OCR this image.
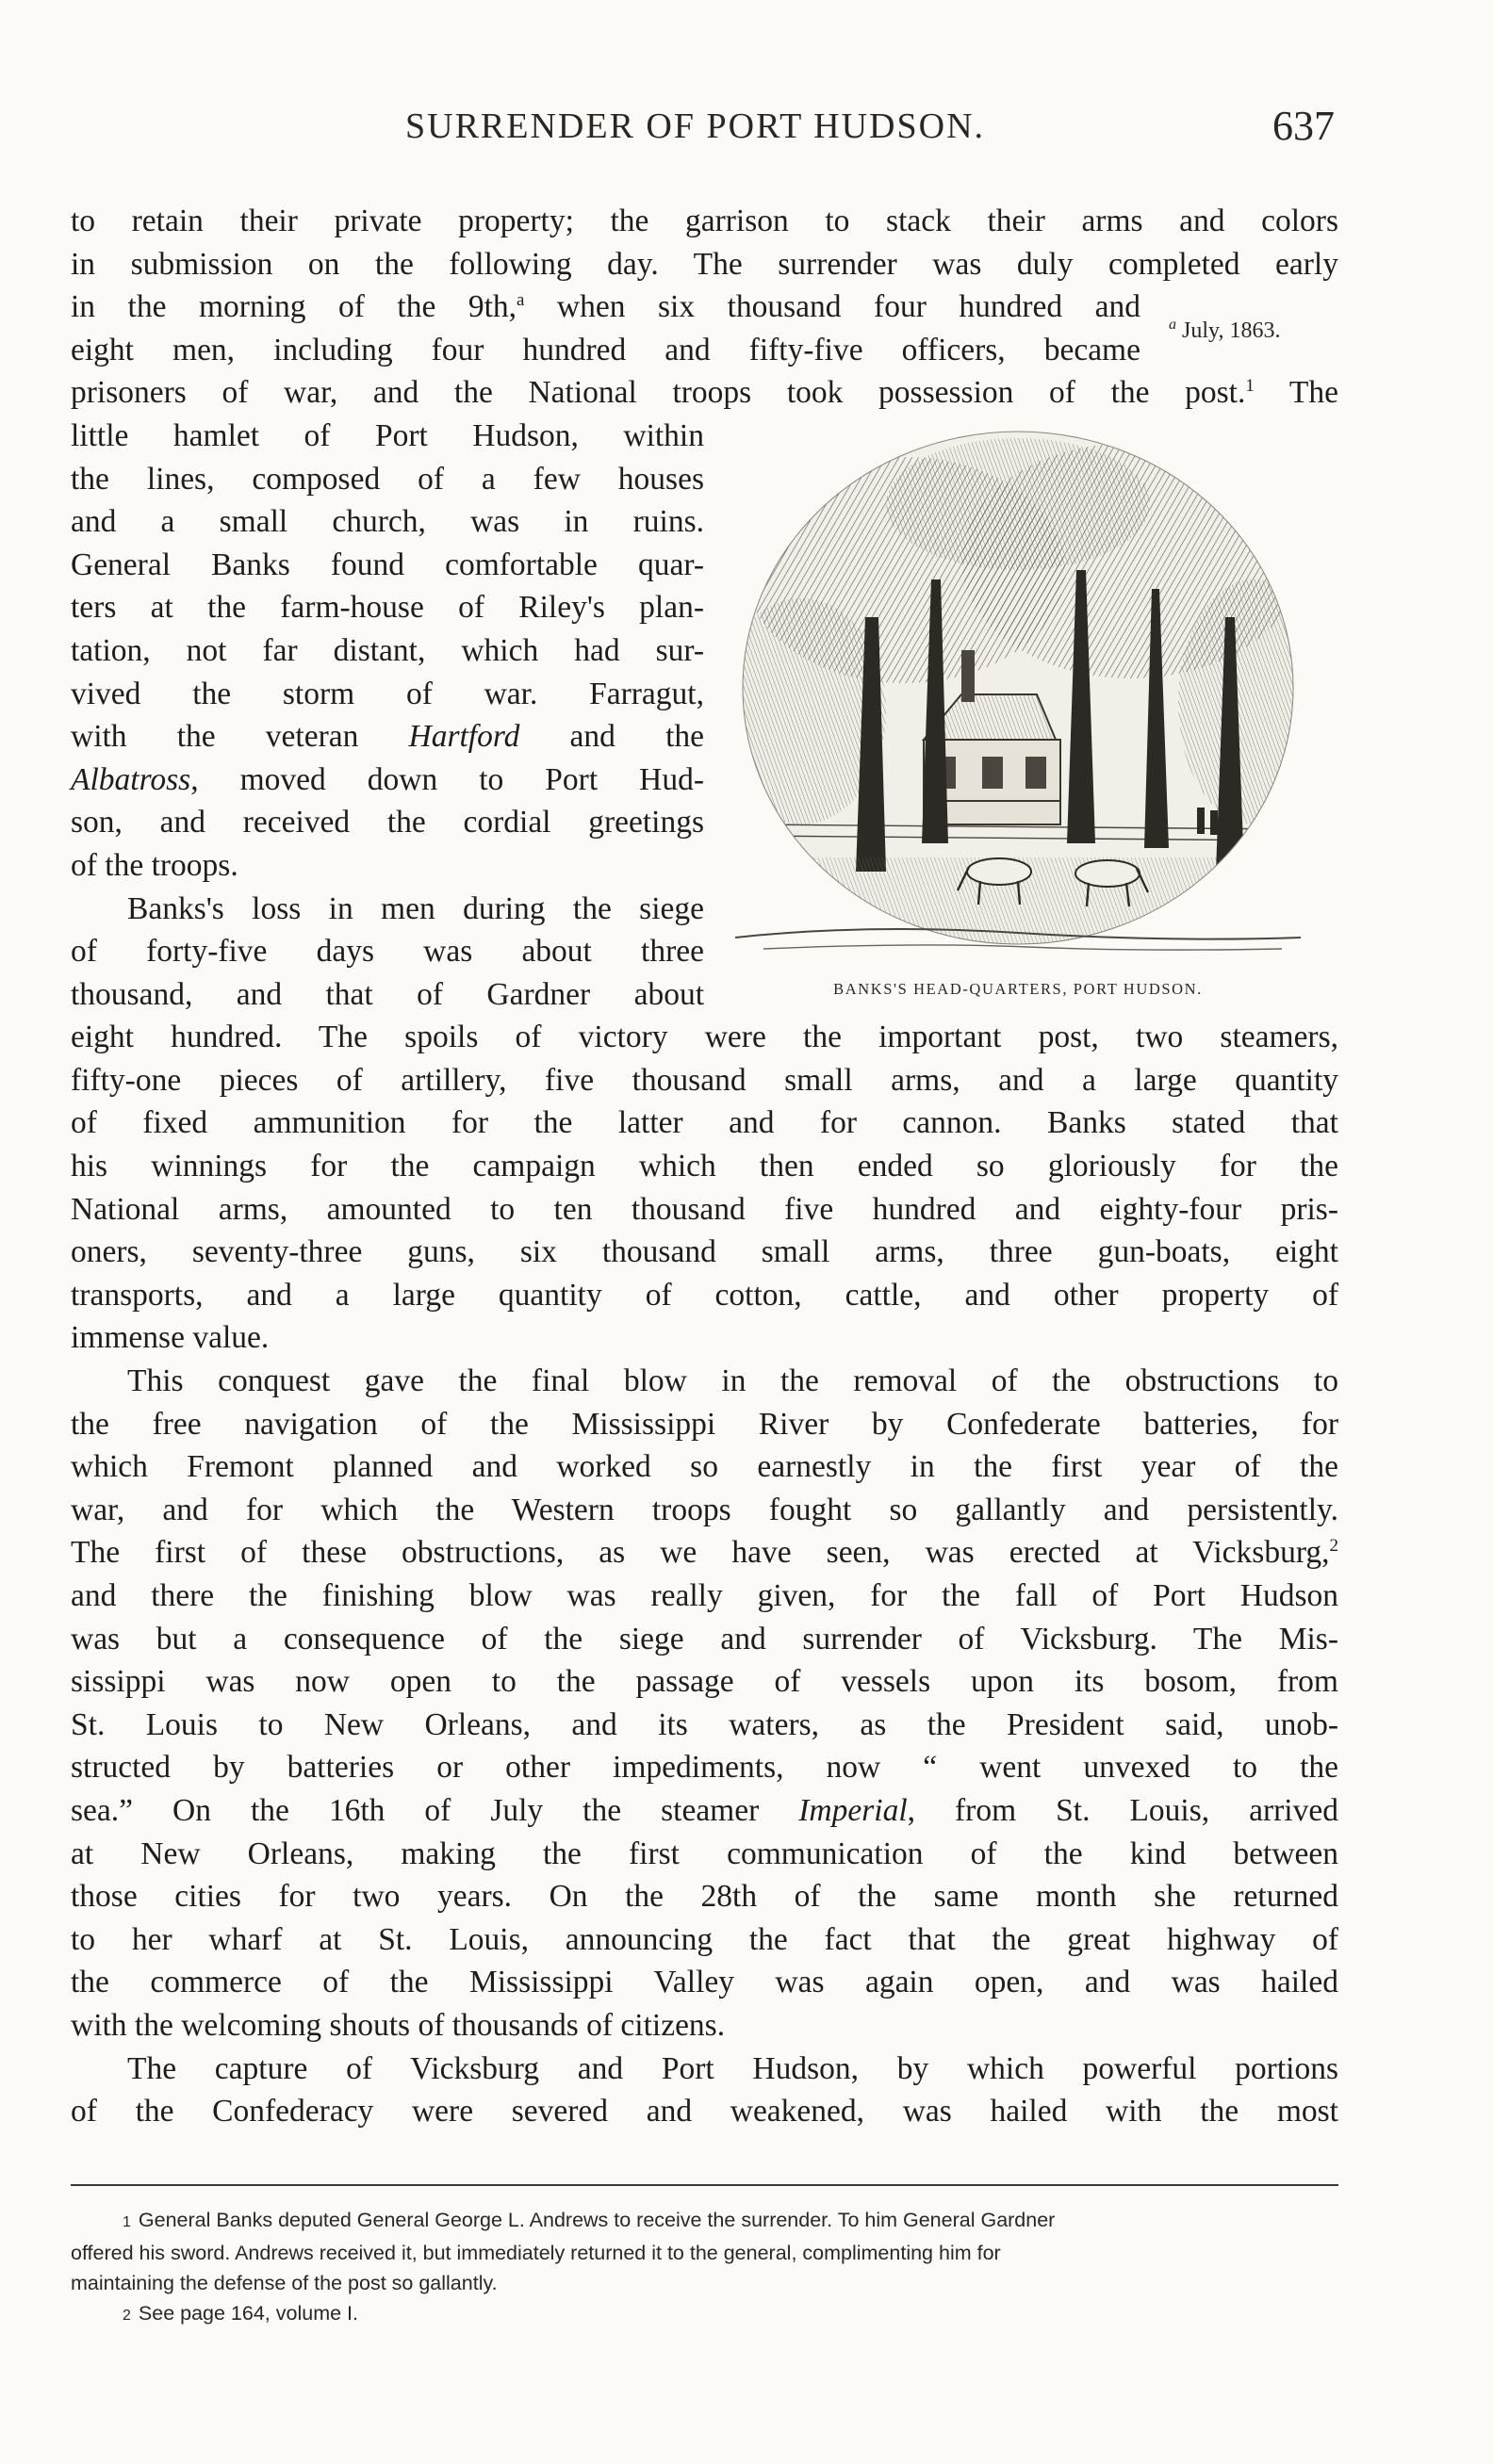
SURRENDER OF PORT HUDSON.	637
$^a$ July, 1863.
BANKS'S HEAD-QUARTERS, PORT HUDSON.

to retain their private property; the garrison to stack their arms and colors
in submission on the following day. The surrender was duly completed early
in the morning of the 9th,$^a$ when six thousand four hundred and
eight men, including four hundred and fifty-five officers, became
prisoners of war, and the National troops took possession of the post.$^1$ The
little hamlet of Port Hudson, within
the lines, composed of a few houses
and a small church, was in ruins.
General Banks found comfortable quar-
ters at the farm-house of Riley's plan-
tation, not far distant, which had sur-
vived the storm of war. Farragut,
with the veteran Hartford and the
Albatross, moved down to Port Hud-
son, and received the cordial greetings
of the troops.

Banks's loss in men during the siege
of forty-five days was about three
thousand, and that of Gardner about
eight hundred. The spoils of victory were the important post, two steamers,
fifty-one pieces of artillery, five thousand small arms, and a large quantity
of fixed ammunition for the latter and for cannon. Banks stated that
his winnings for the campaign which then ended so gloriously for the
National arms, amounted to ten thousand five hundred and eighty-four pris-
oners, seventy-three guns, six thousand small arms, three gun-boats, eight
transports, and a large quantity of cotton, cattle, and other property of
immense value.

This conquest gave the final blow in the removal of the obstructions to
the free navigation of the Mississippi River by Confederate batteries, for
which Fremont planned and worked so earnestly in the first year of the
war, and for which the Western troops fought so gallantly and persistently.
The first of these obstructions, as we have seen, was erected at Vicksburg,$^2$
and there the finishing blow was really given, for the fall of Port Hudson
was but a consequence of the siege and surrender of Vicksburg. The Mis-
sissippi was now open to the passage of vessels upon its bosom, from
St. Louis to New Orleans, and its waters, as the President said, unob-
structed by batteries or other impediments, now “ went unvexed to the
sea.” On the 16th of July the steamer Imperial, from St. Louis, arrived
at New Orleans, making the first communication of the kind between
those cities for two years. On the 28th of the same month she returned
to her wharf at St. Louis, announcing the fact that the great highway of
the commerce of the Mississippi Valley was again open, and was hailed
with the welcoming shouts of thousands of citizens.

The capture of Vicksburg and Port Hudson, by which powerful portions
of the Confederacy were severed and weakened, was hailed with the most

1 General Banks deputed General George L. Andrews to receive the surrender. To him General Gardner

offered his sword. Andrews received it, but immediately returned it to the general, complimenting him for

maintaining the defense of the post so gallantly.

2 See page 164, volume I.
